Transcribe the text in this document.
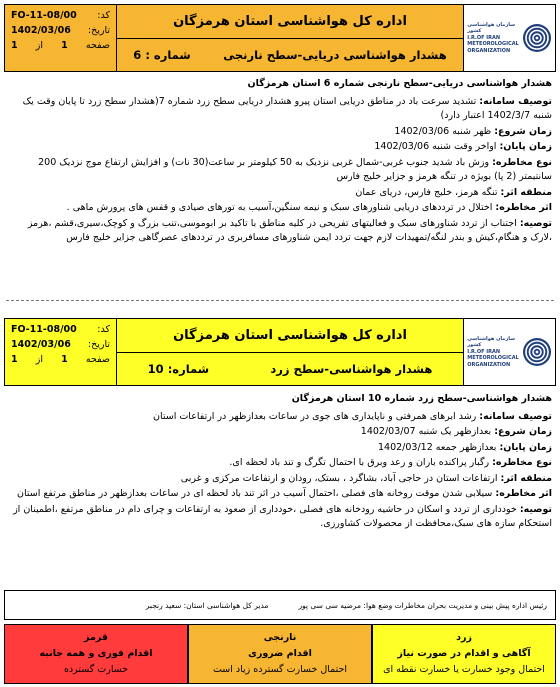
FO-11-08/00 کد:
1402/03/06 تاریخ:
صفحه
1
از
1
اداره کل هواشناسی استان هرمزگان
هشدار هواشناسی دریایی-سطح نارنجی
شماره : 6
سازمان هواشناسی کشور
I.R.OF IRAN
METEOROLOGICAL
ORGANIZATION
هشدار هواشناسی دریایی-سطح نارنجی شماره 6 استان هرمزگان
توصیف سامانه: تشدید سرعت باد در مناطق دریایی استان پیرو هشدار دریایی سطح زرد شماره 7(هشدار سطح زرد تا پایان وقت یک شنبه 1402/3/7 اعتبار دارد)
زمان شروع: ظهر شنبه 1402/03/06
زمان پایان: اواخر وقت شنبه 1402/03/06
نوع مخاطره: وزش باد شدید جنوب غربی-شمال غربی نزدیک به 50 کیلومتر بر ساعت(30 نات) و افزایش ارتفاع موج نزدیک 200 سانتیمتر (2 پا) بویژه در تنگه هرمز و جزایر خلیج فارس
منطقه اثر: تنگه هرمز، خلیج فارس، دریای عمان
اثر مخاطره: اختلال در ترددهای دریایی شناورهای سبک و نیمه سنگین،آسیب به تورهای صیادی و قفس های پرورش ماهی .
توصیه: اجتناب از تردد شناورهای سبک و فعالیتهای تفریحی در کلیه مناطق با تاکید بر ابوموسی،تنب بزرگ و کوچک،سیری،قشم ،هرمز ،لارک و هنگام،کیش و بندر لنگه/تمهیدات لازم جهت تردد ایمن شناورهای مسافربری در ترددهای عصرگاهی جزایر خلیج فارس
FO-11-08/00 کد:
1402/03/06 تاریخ:
صفحه
1
از
1
اداره کل هواشناسی استان هرمزگان
هشدار هواشناسی-سطح زرد
شماره: 10
سازمان هواشناسی کشور
I.R.OF IRAN
METEOROLOGICAL
ORGANIZATION
هشدار هواشناسی-سطح زرد شماره 10 استان هرمزگان
توصیف سامانه: رشد ابرهای همرفتی و ناپایداری های جوی در ساعات بعدازظهر در ارتفاعات استان
زمان شروع: بعدازظهر یک شنبه 1402/03/07
زمان پایان: بعدازظهر جمعه 1402/03/12
نوع مخاطره: رگبار پراکنده باران و رعد وبرق با احتمال تگرگ و تند باد لحظه ای.
منطقه اثر: ارتفاعات استان در حاجی آباد، بشاگرد ، بستک، رودان و ارتفاعات مرکزی و غربی
اثر مخاطره: سیلابی شدن موقت روخانه های فصلی ،احتمال آسیب در اثر تند باد لحظه ای در ساعات بعدازظهر در مناطق مرتفع استان
توصیه: خودداری از تردد و اسکان در حاشیه رودخانه های فصلی ،خودداری از صعود به ارتفاعات و چرای دام در مناطق مرتفع ،اطمینان از استحکام سازه های سبک،محافظت از محصولات کشاورزی.
رئیس اداره پیش بینی و مدیریت بحران مخاطرات وضع هوا: مرضیه سی سی پور
مدیر کل هواشناسی استان: سعید رنجبر
زرد
آگاهی و اقدام در صورت نیاز
احتمال وجود خسارت یا خسارت نقطه ای
نارنجی
اقدام ضروری
احتمال خسارت گسترده زیاد است
قرمز
اقدام فوری و همه جانبه
خسارت گسترده
